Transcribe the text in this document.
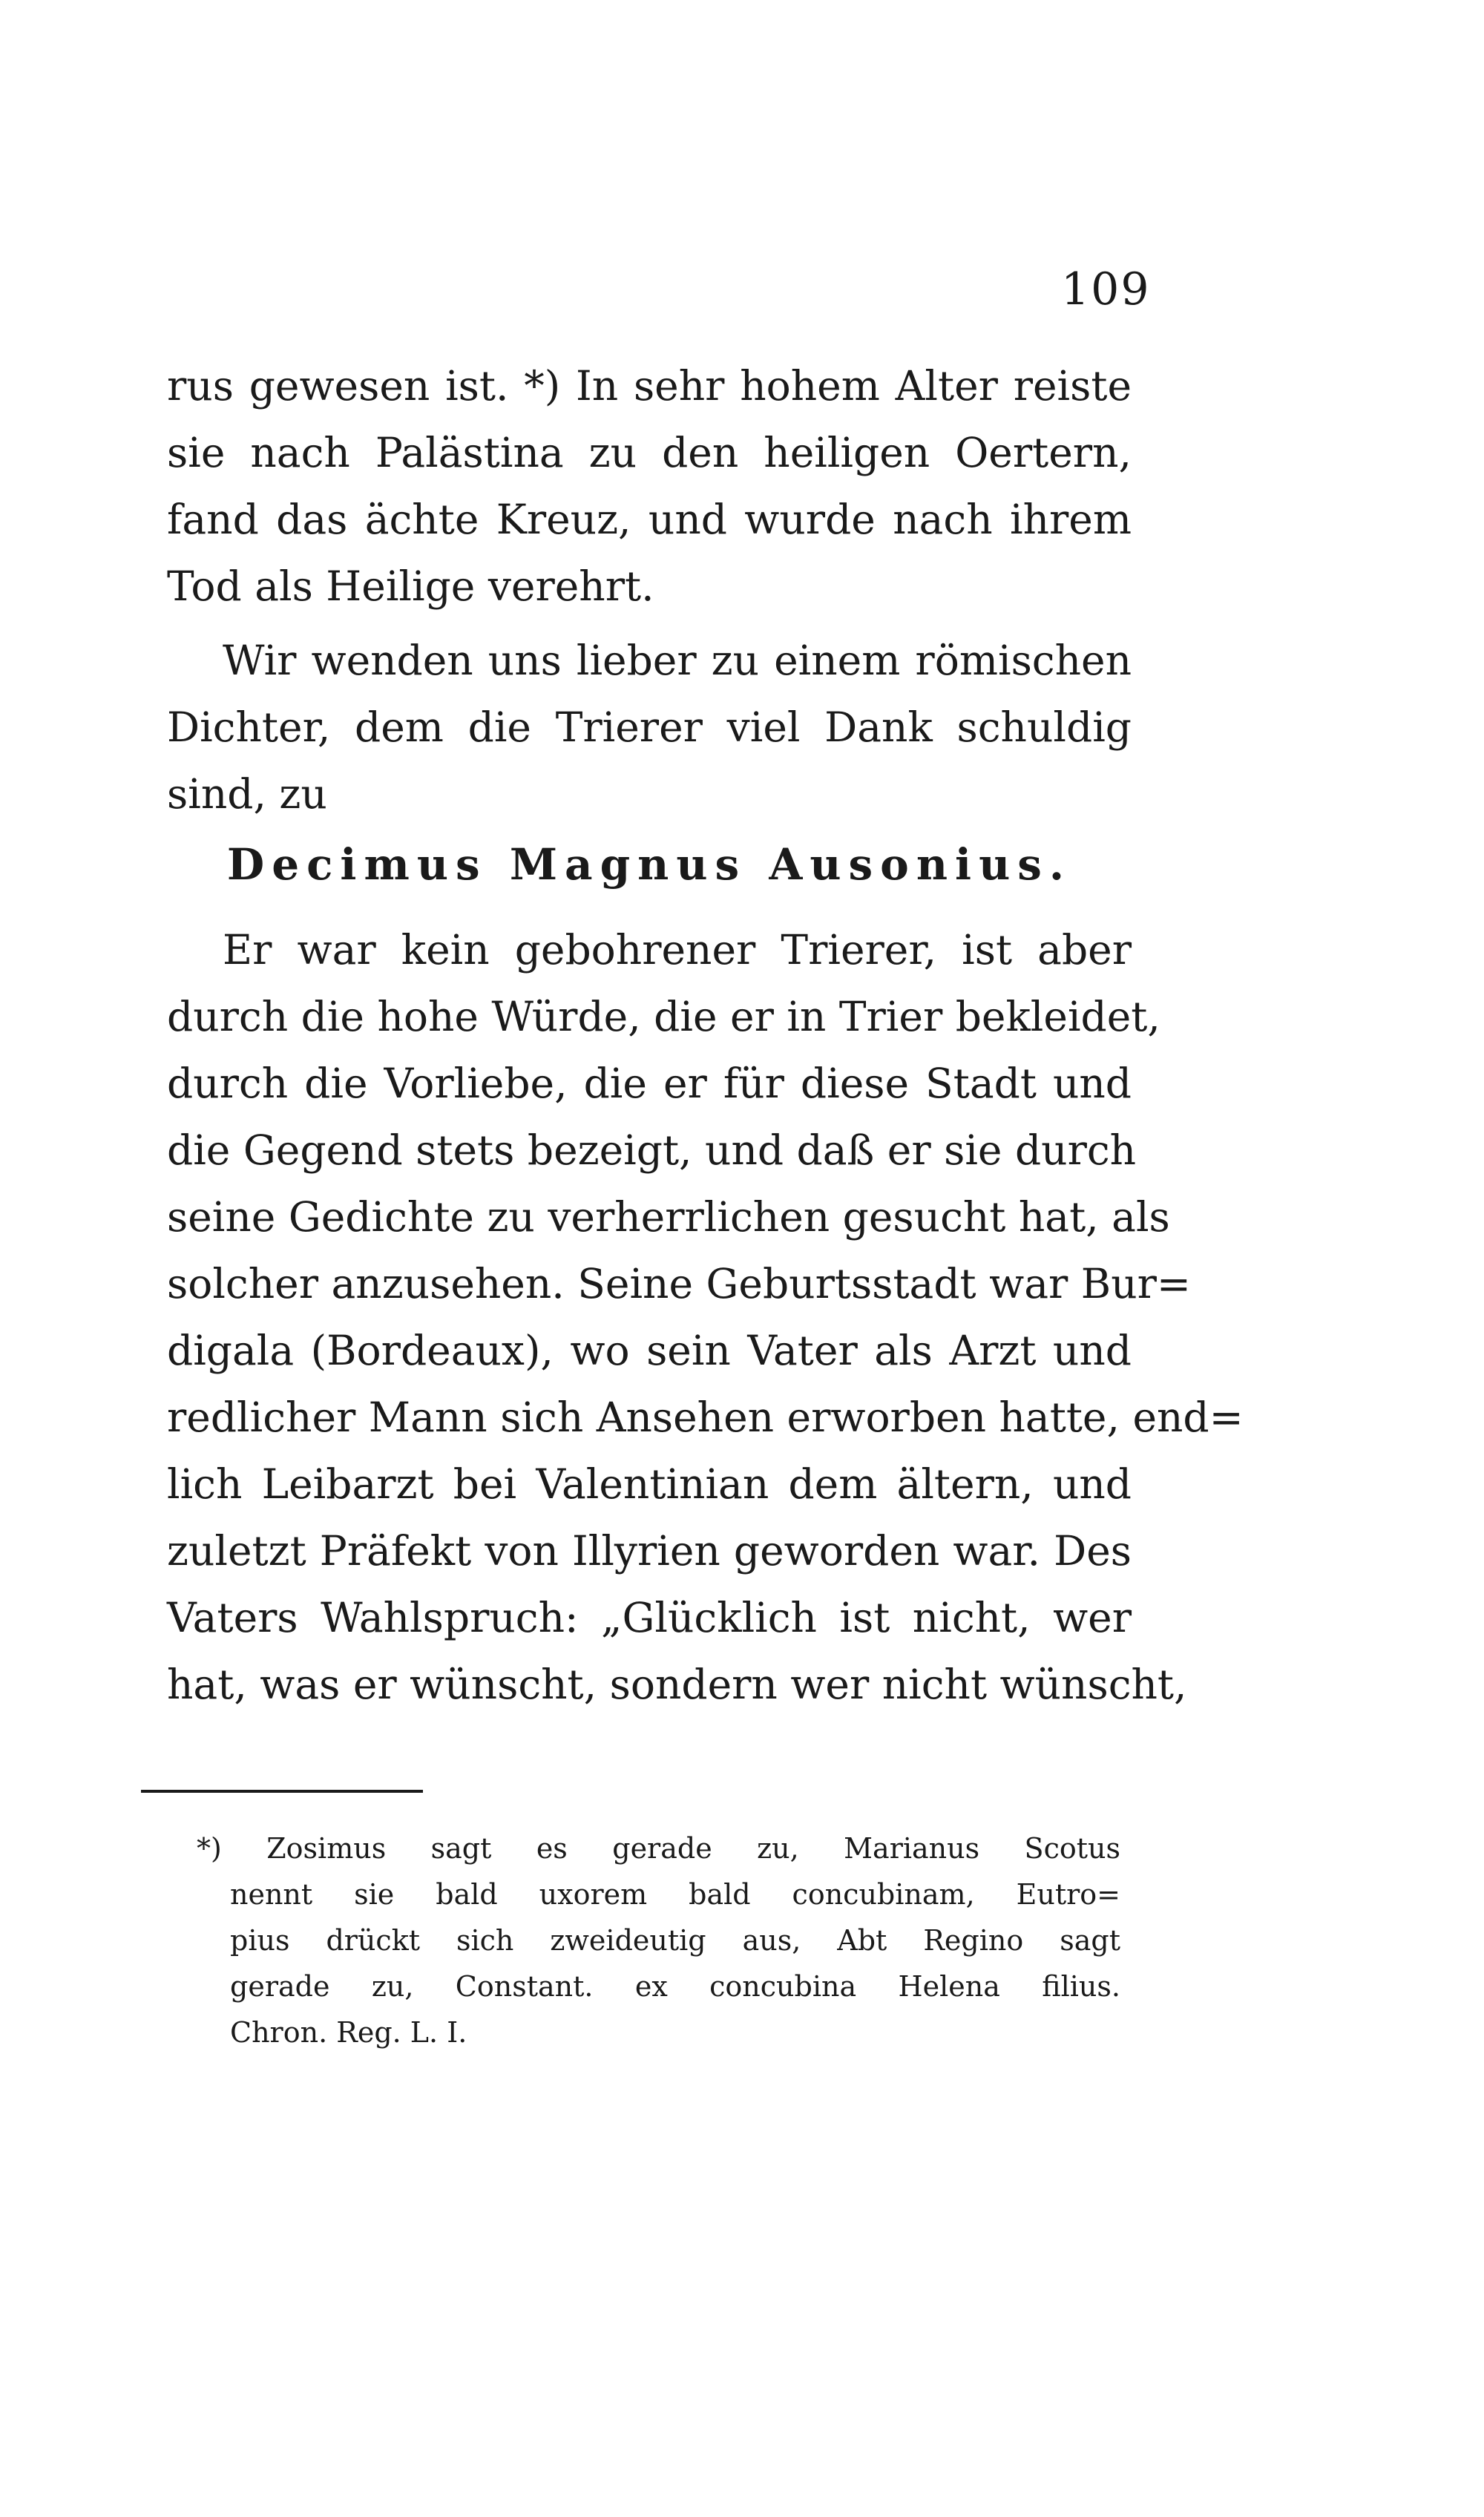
109
rus gewesen ist. *) In sehr hohem Alter reiste
sie nach Palästina zu den heiligen Oertern,
fand das ächte Kreuz, und wurde nach ihrem
Tod als Heilige verehrt.
Wir wenden uns lieber zu einem römischen
Dichter, dem die Trierer viel Dank schuldig
sind, zu
Decimus Magnus Ausonius.
Er war kein gebohrener Trierer, ist aber
durch die hohe Würde, die er in Trier bekleidet,
durch die Vorliebe, die er für diese Stadt und
die Gegend stets bezeigt, und daß er sie durch
seine Gedichte zu verherrlichen gesucht hat, als
solcher anzusehen. Seine Geburtsstadt war Bur=
digala (Bordeaux), wo sein Vater als Arzt und
redlicher Mann sich Ansehen erworben hatte, end=
lich Leibarzt bei Valentinian dem ältern, und
zuletzt Präfekt von Illyrien geworden war. Des
Vaters Wahlspruch: „Glücklich ist nicht, wer
hat, was er wünscht, sondern wer nicht wünscht,
*) Zosimus sagt es gerade zu, Marianus Scotus
nennt sie bald uxorem bald concubinam, Eutro=
pius drückt sich zweideutig aus, Abt Regino sagt
gerade zu, Constant. ex concubina Helena filius.
Chron. Reg. L. I.
